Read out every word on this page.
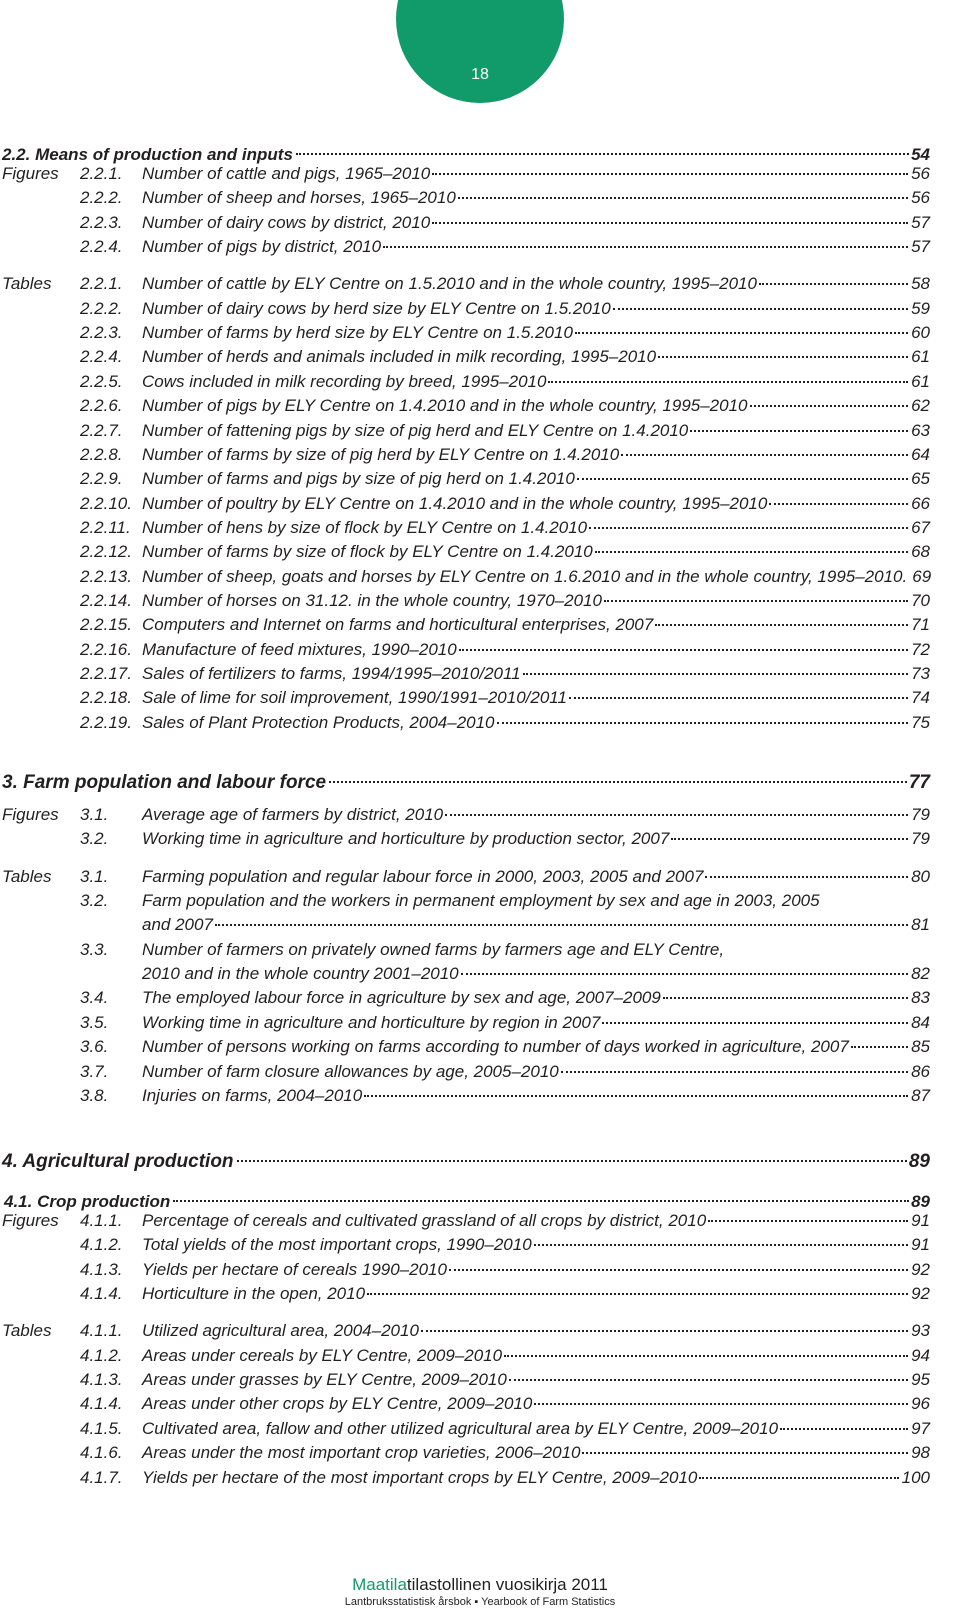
18
2.2. Means of production and inputs	54
Figures 2.2.1. Number of cattle and pigs, 1965–2010	56
2.2.2. Number of sheep and horses, 1965–2010	56
2.2.3. Number of dairy cows by district, 2010	57
2.2.4. Number of pigs by district, 2010	57
Tables 2.2.1. Number of cattle by ELY Centre on 1.5.2010 and in the whole country, 1995–2010	58
2.2.2. Number of dairy cows by herd size by ELY Centre on 1.5.2010	59
2.2.3. Number of farms by herd size by ELY Centre on 1.5.2010	60
2.2.4. Number of herds and animals included in milk recording, 1995–2010	61
2.2.5. Cows included in milk recording by breed, 1995–2010	61
2.2.6. Number of pigs by ELY Centre on 1.4.2010 and in the whole country, 1995–2010	62
2.2.7. Number of fattening pigs by size of pig herd and ELY Centre on 1.4.2010	63
2.2.8. Number of farms by size of pig herd by ELY Centre on 1.4.2010	64
2.2.9. Number of farms and pigs by size of pig herd on 1.4.2010	65
2.2.10. Number of poultry by ELY Centre on 1.4.2010 and in the whole country, 1995–2010	66
2.2.11. Number of hens by size of flock by ELY Centre on 1.4.2010	67
2.2.12. Number of farms by size of flock by ELY Centre on 1.4.2010	68
2.2.13. Number of sheep, goats and horses by ELY Centre on 1.6.2010 and in the whole country, 1995–2010. 69
2.2.14. Number of horses on 31.12. in the whole country, 1970–2010	70
2.2.15. Computers and Internet on farms and horticultural enterprises, 2007	71
2.2.16. Manufacture of feed mixtures, 1990–2010	72
2.2.17. Sales of fertilizers to farms, 1994/1995–2010/2011	73
2.2.18. Sale of lime for soil improvement, 1990/1991–2010/2011	74
2.2.19. Sales of Plant Protection Products, 2004–2010	75
3. Farm population and labour force	77
Figures 3.1. Average age of farmers by district, 2010	79
3.2. Working time in agriculture and horticulture by production sector, 2007	79
Tables 3.1. Farming population and regular labour force in 2000, 2003, 2005 and 2007	80
3.2. Farm population and the workers in permanent employment by sex and age in 2003, 2005
and 2007	81
3.3. Number of farmers on privately owned farms by farmers age and ELY Centre,
2010 and in the whole country 2001–2010	82
3.4. The employed labour force in agriculture by sex and age, 2007–2009	83
3.5. Working time in agriculture and horticulture by region in 2007	84
3.6. Number of persons working on farms according to number of days worked in agriculture, 2007	85
3.7. Number of farm closure allowances by age, 2005–2010	86
3.8. Injuries on farms, 2004–2010	87
4. Agricultural production	89
4.1. Crop production	89
Figures 4.1.1. Percentage of cereals and cultivated grassland of all crops by district, 2010	91
4.1.2. Total yields of the most important crops, 1990–2010	91
4.1.3. Yields per hectare of cereals 1990–2010	92
4.1.4. Horticulture in the open, 2010	92
Tables 4.1.1. Utilized agricultural area, 2004–2010	93
4.1.2. Areas under cereals by ELY Centre, 2009–2010	94
4.1.3. Areas under grasses by ELY Centre, 2009–2010	95
4.1.4. Areas under other crops by ELY Centre, 2009–2010	96
4.1.5. Cultivated area, fallow and other utilized agricultural area by ELY Centre, 2009–2010	97
4.1.6. Areas under the most important crop varieties, 2006–2010	98
4.1.7. Yields per hectare of the most important crops by ELY Centre, 2009–2010	100
Maatilatilastollinen vuosikirja 2011
Lantbruksstatistisk årsbok ▪ Yearbook of Farm Statistics
